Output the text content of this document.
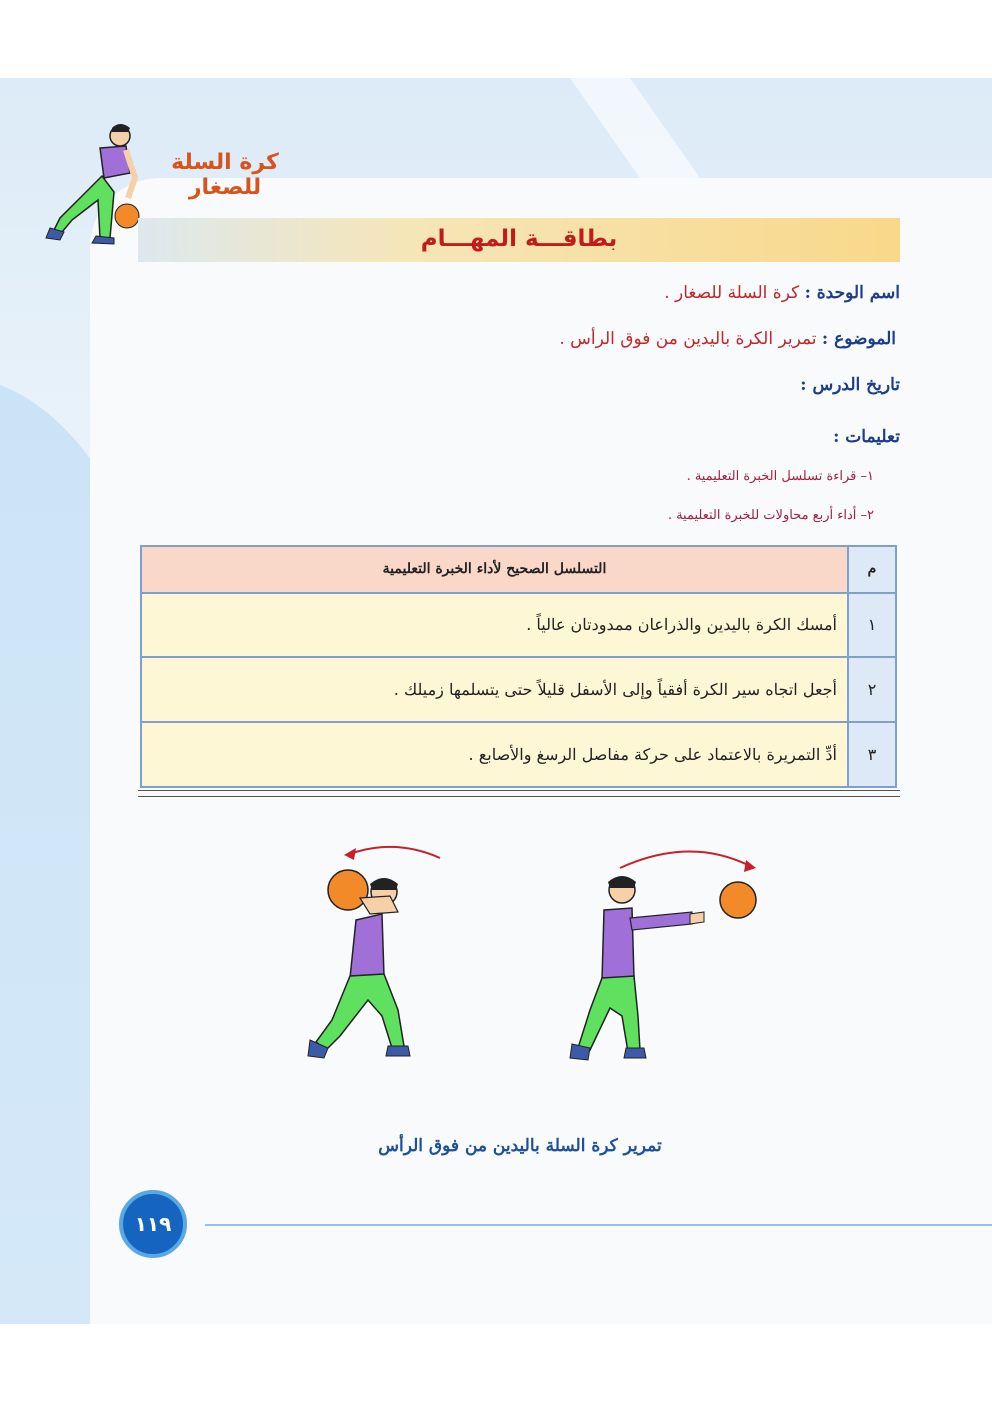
كرة السلة للصغار
بطاقـــة المهـــام
اسم الوحدة : كرة السلة للصغار .
الموضوع : تمرير الكرة باليدين من فوق الرأس .
تاريخ الدرس :
تعليمات :
١– قراءة تسلسل الخبرة التعليمية .
٢– أداء أربع محاولات للخبرة التعليمية .
م	التسلسل الصحيح لأداء الخبرة التعليمية
١	أمسك الكرة باليدين والذراعان ممدودتان عالياً .
٢	أجعل اتجاه سير الكرة أفقياً وإلى الأسفل قليلاً حتى يتسلمها زميلك .
٣	أدِّ التمريرة بالاعتماد على حركة مفاصل الرسغ والأصابع .
تمرير كرة السلة باليدين من فوق الرأس
١١٩
